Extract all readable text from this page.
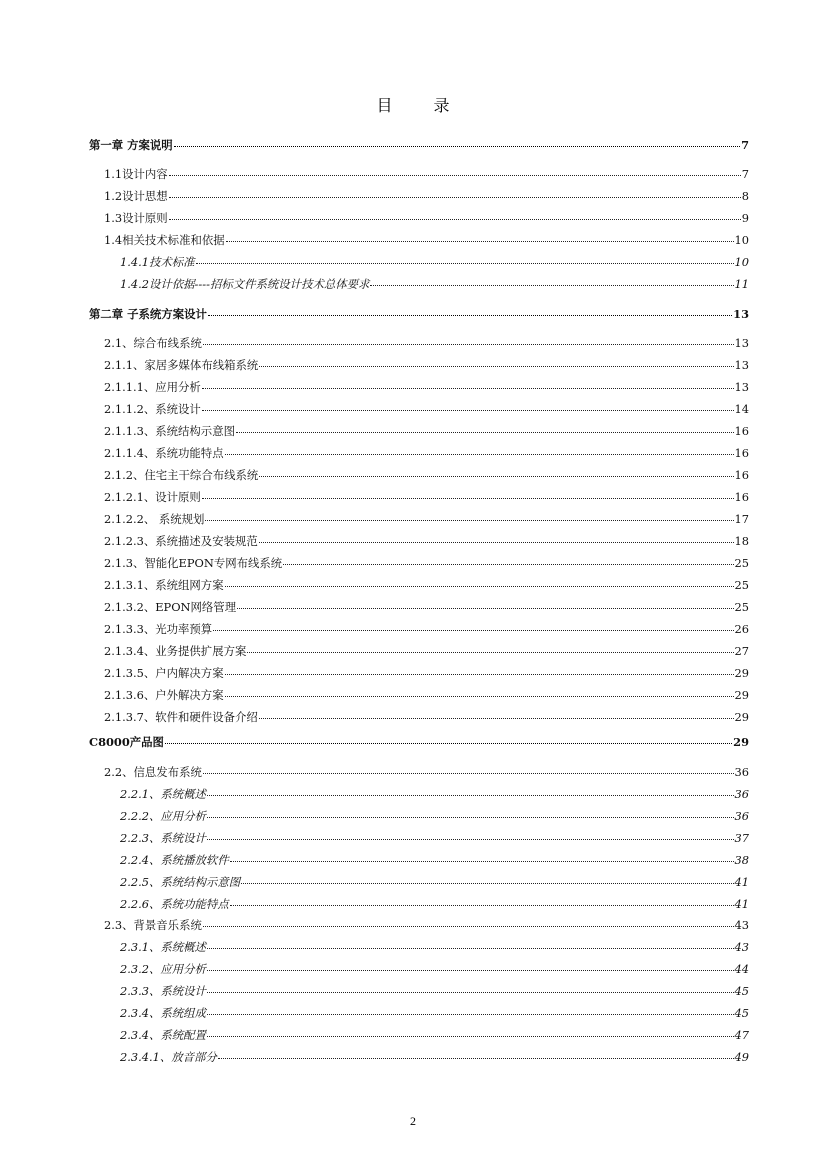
目 录
第一章 方案说明	7
1.1设计内容	7
1.2设计思想	8
1.3设计原则	9
1.4相关技术标准和依据	10
1.4.1技术标准	10
1.4.2设计依据----招标文件系统设计技术总体要求	11
第二章 子系统方案设计	13
2.1、综合布线系统	13
2.1.1、家居多媒体布线箱系统	13
2.1.1.1、应用分析	13
2.1.1.2、系统设计	14
2.1.1.3、系统结构示意图	16
2.1.1.4、系统功能特点	16
2.1.2、住宅主干综合布线系统	16
2.1.2.1、设计原则	16
2.1.2.2、 系统规划	17
2.1.2.3、系统描述及安装规范	18
2.1.3、智能化EPON专网布线系统	25
2.1.3.1、系统组网方案	25
2.1.3.2、EPON网络管理	25
2.1.3.3、光功率预算	26
2.1.3.4、业务提供扩展方案	27
2.1.3.5、户内解决方案	29
2.1.3.6、户外解决方案	29
2.1.3.7、软件和硬件设备介绍	29
C8000产品图	29
2.2、信息发布系统	36
2.2.1、系统概述	36
2.2.2、应用分析	36
2.2.3、系统设计	37
2.2.4、系统播放软件	38
2.2.5、系统结构示意图	41
2.2.6、系统功能特点	41
2.3、背景音乐系统	43
2.3.1、系统概述	43
2.3.2、应用分析	44
2.3.3、系统设计	45
2.3.4、系统组成	45
2.3.4、系统配置	47
2.3.4.1、放音部分	49
2
